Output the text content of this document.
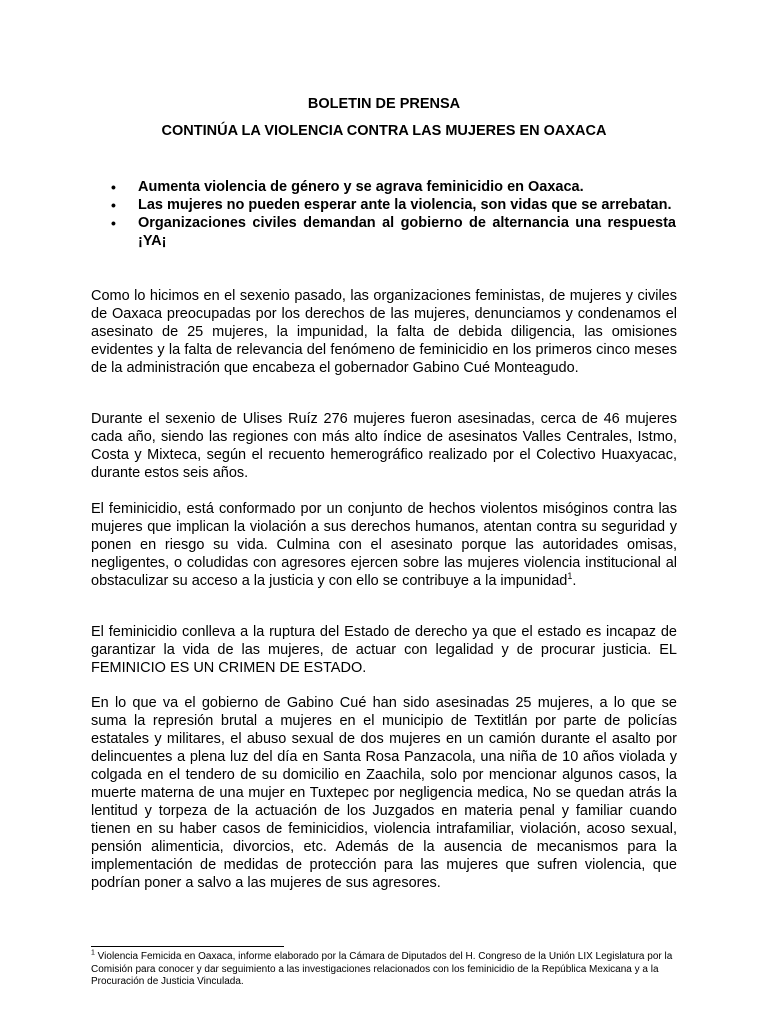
BOLETIN DE PRENSA
CONTINÚA LA VIOLENCIA CONTRA LAS MUJERES EN OAXACA
• Aumenta violencia de género y se agrava feminicidio en Oaxaca.
• Las mujeres no pueden esperar ante la violencia, son vidas que se arrebatan.
• Organizaciones civiles demandan al gobierno de alternancia una respuesta ¡YA¡

Como lo hicimos en el sexenio pasado, las organizaciones feministas, de mujeres y civiles de Oaxaca preocupadas por los derechos de las mujeres, denunciamos y condenamos el asesinato de 25 mujeres, la impunidad, la falta de debida diligencia, las omisiones evidentes y la falta de relevancia del fenómeno de feminicidio en los primeros cinco meses de la administración que encabeza el gobernador Gabino Cué Monteagudo.

Durante el sexenio de Ulises Ruíz 276 mujeres fueron asesinadas, cerca de 46 mujeres cada año, siendo las regiones con más alto índice de asesinatos Valles Centrales, Istmo, Costa y Mixteca, según el recuento hemerográfico realizado por el Colectivo Huaxyacac, durante estos seis años.

El feminicidio, está conformado por un conjunto de hechos violentos misóginos contra las mujeres que implican la violación a sus derechos humanos, atentan contra su seguridad y ponen en riesgo su vida. Culmina con el asesinato porque las autoridades omisas, negligentes, o coludidas con agresores ejercen sobre las mujeres violencia institucional al obstaculizar su acceso a la justicia y con ello se contribuye a la impunidad$^1$.

El feminicidio conlleva a la ruptura del Estado de derecho ya que el estado es incapaz de garantizar la vida de las mujeres, de actuar con legalidad y de procurar justicia. EL FEMINICIO ES UN CRIMEN DE ESTADO.

En lo que va el gobierno de Gabino Cué han sido asesinadas 25 mujeres, a lo que se suma la represión brutal a mujeres en el municipio de Textitlán por parte de policías estatales y militares, el abuso sexual de dos mujeres en un camión durante el asalto por delincuentes a plena luz del día en Santa Rosa Panzacola, una niña de 10 años violada y colgada en el tendero de su domicilio en Zaachila, solo por mencionar algunos casos, la muerte materna de una mujer en Tuxtepec por negligencia medica, No se quedan atrás la lentitud y torpeza de la actuación de los Juzgados en materia penal y familiar cuando tienen en su haber casos de feminicidios, violencia intrafamiliar, violación, acoso sexual, pensión alimenticia, divorcios, etc. Además de la ausencia de mecanismos para la implementación de medidas de protección para las mujeres que sufren violencia, que podrían poner a salvo a las mujeres de sus agresores.

$^1$ Violencia Femicida en Oaxaca, informe elaborado por la Cámara de Diputados del H. Congreso de la Unión LIX Legislatura por la Comisión para conocer y dar seguimiento a las investigaciones relacionados con los feminicidio de la República Mexicana y a la Procuración de Justicia Vinculada.
